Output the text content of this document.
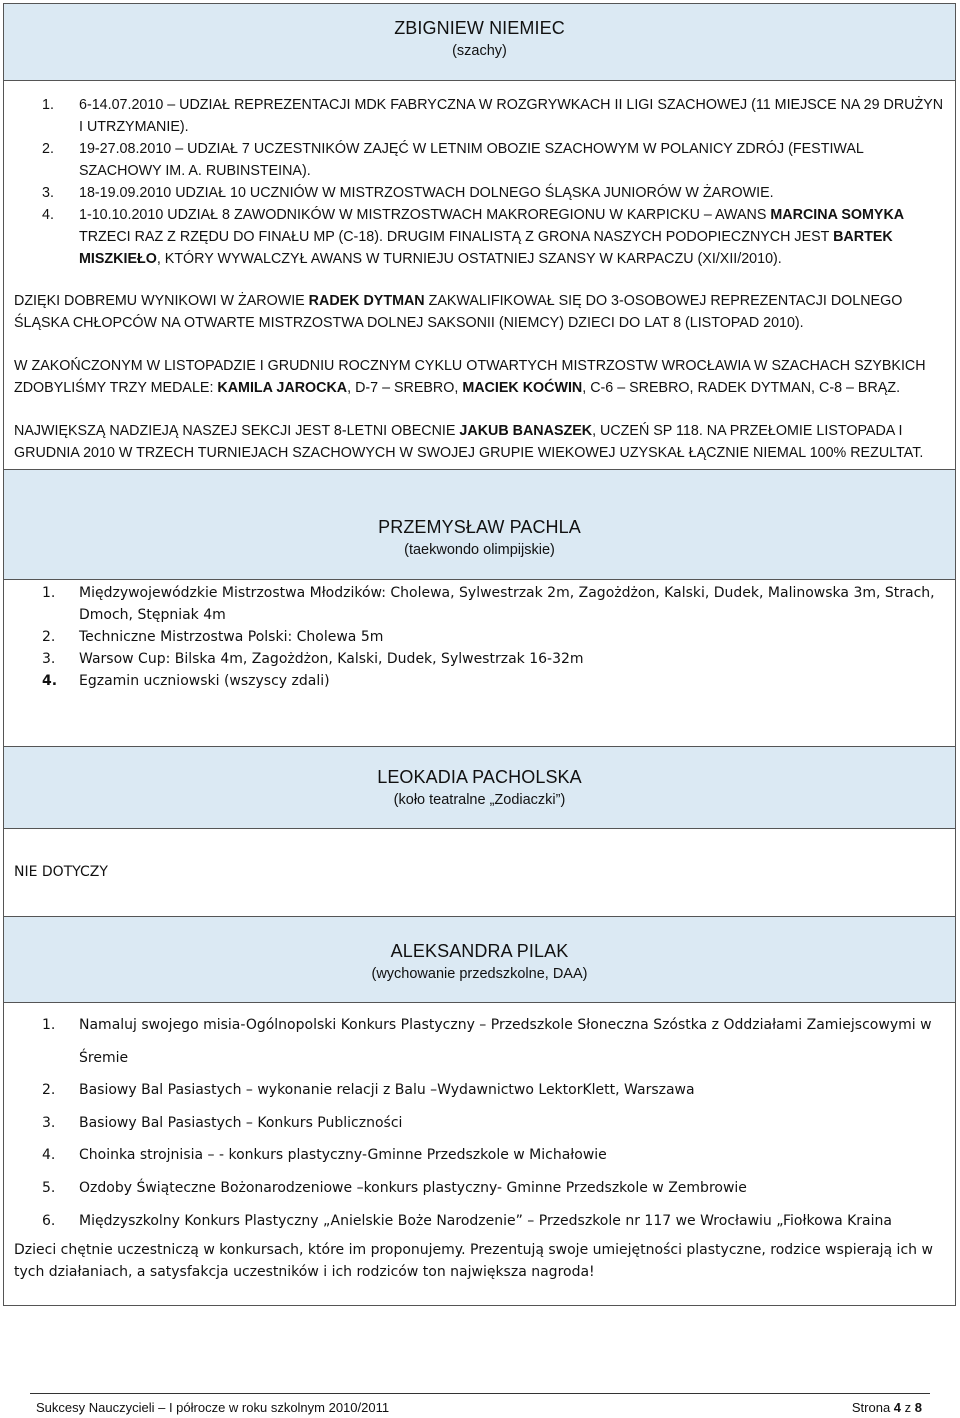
ZBIGNIEW NIEMIEC
(szachy)
1.	6-14.07.2010 – UDZIAŁ REPREZENTACJI MDK FABRYCZNA W ROZGRYWKACH II LIGI SZACHOWEJ (11 MIEJSCE NA 29 DRUŻYN I UTRZYMANIE).
2.	19-27.08.2010 – UDZIAŁ 7 UCZESTNIKÓW ZAJĘĆ W LETNIM OBOZIE SZACHOWYM W POLANICY ZDRÓJ (FESTIWAL SZACHOWY IM. A. RUBINSTEINA).
3.	18-19.09.2010 UDZIAŁ 10 UCZNIÓW W MISTRZOSTWACH DOLNEGO ŚLĄSKA JUNIORÓW W ŻAROWIE.
4.	1-10.10.2010 UDZIAŁ 8 ZAWODNIKÓW W MISTRZOSTWACH MAKROREGIONU W KARPICKU – AWANS MARCINA SOMYKA TRZECI RAZ Z RZĘDU DO FINAŁU MP (C-18). DRUGIM FINALISTĄ Z GRONA NASZYCH PODOPIECZNYCH JEST BARTEK MISZKIEŁO, KTÓRY WYWALCZYŁ AWANS W TURNIEJU OSTATNIEJ SZANSY W KARPACZU (XI/XII/2010).

DZIĘKI DOBREMU WYNIKOWI W ŻAROWIE RADEK DYTMAN ZAKWALIFIKOWAŁ SIĘ DO 3-OSOBOWEJ REPREZENTACJI DOLNEGO ŚLĄSKA CHŁOPCÓW NA OTWARTE MISTRZOSTWA DOLNEJ SAKSONII (NIEMCY) DZIECI DO LAT 8 (LISTOPAD 2010).

W ZAKOŃCZONYM W LISTOPADZIE I GRUDNIU ROCZNYM CYKLU OTWARTYCH MISTRZOSTW WROCŁAWIA W SZACHACH SZYBKICH ZDOBYLIŚMY TRZY MEDALE: KAMILA JAROCKA, D-7 – SREBRO, MACIEK KOĆWIN, C-6 – SREBRO, RADEK DYTMAN, C-8 – BRĄZ.

NAJWIĘKSZĄ NADZIEJĄ NASZEJ SEKCJI JEST 8-LETNI OBECNIE JAKUB BANASZEK, UCZEŃ SP 118. NA PRZEŁOMIE LISTOPADA I GRUDNIA 2010 W TRZECH TURNIEJACH SZACHOWYCH W SWOJEJ GRUPIE WIEKOWEJ UZYSKAŁ ŁĄCZNIE NIEMAL 100% REZULTAT.

PRZEMYSŁAW PACHLA
(taekwondo olimpijskie)
1.	Międzywojewódzkie Mistrzostwa Młodzików: Cholewa, Sylwestrzak 2m, Zagożdżon, Kalski, Dudek, Malinowska 3m, Strach, Dmoch, Stępniak 4m
2.	Techniczne Mistrzostwa Polski: Cholewa 5m
3.	Warsow Cup: Bilska 4m, Zagożdżon, Kalski, Dudek, Sylwestrzak 16-32m
4.	Egzamin uczniowski (wszyscy zdali)
LEOKADIA PACHOLSKA
(koło teatralne „Zodiaczki”)

NIE DOTYCZY

ALEKSANDRA PILAK
(wychowanie przedszkolne, DAA)
1.	Namaluj swojego misia-Ogólnopolski Konkurs Plastyczny – Przedszkole Słoneczna Szóstka z Oddziałami Zamiejscowymi w Śremie
2.	Basiowy Bal Pasiastych – wykonanie relacji z Balu –Wydawnictwo LektorKlett, Warszawa
3.	Basiowy Bal Pasiastych – Konkurs Publiczności
4.	Choinka strojnisia – - konkurs plastyczny-Gminne Przedszkole w Michałowie
5.	Ozdoby Świąteczne Bożonarodzeniowe –konkurs plastyczny- Gminne Przedszkole w Zembrowie
6.	Międzyszkolny Konkurs Plastyczny „Anielskie Boże Narodzenie” – Przedszkole nr 117 we Wrocławiu „Fiołkowa Kraina

Dzieci chętnie uczestniczą w konkursach, które im proponujemy. Prezentują swoje umiejętności plastyczne, rodzice wspierają ich w tych działaniach, a satysfakcja uczestników i ich rodziców ton największa nagroda!

Sukcesy Nauczycieli – I półrocze w roku szkolnym 2010/2011	Strona 4 z 8
